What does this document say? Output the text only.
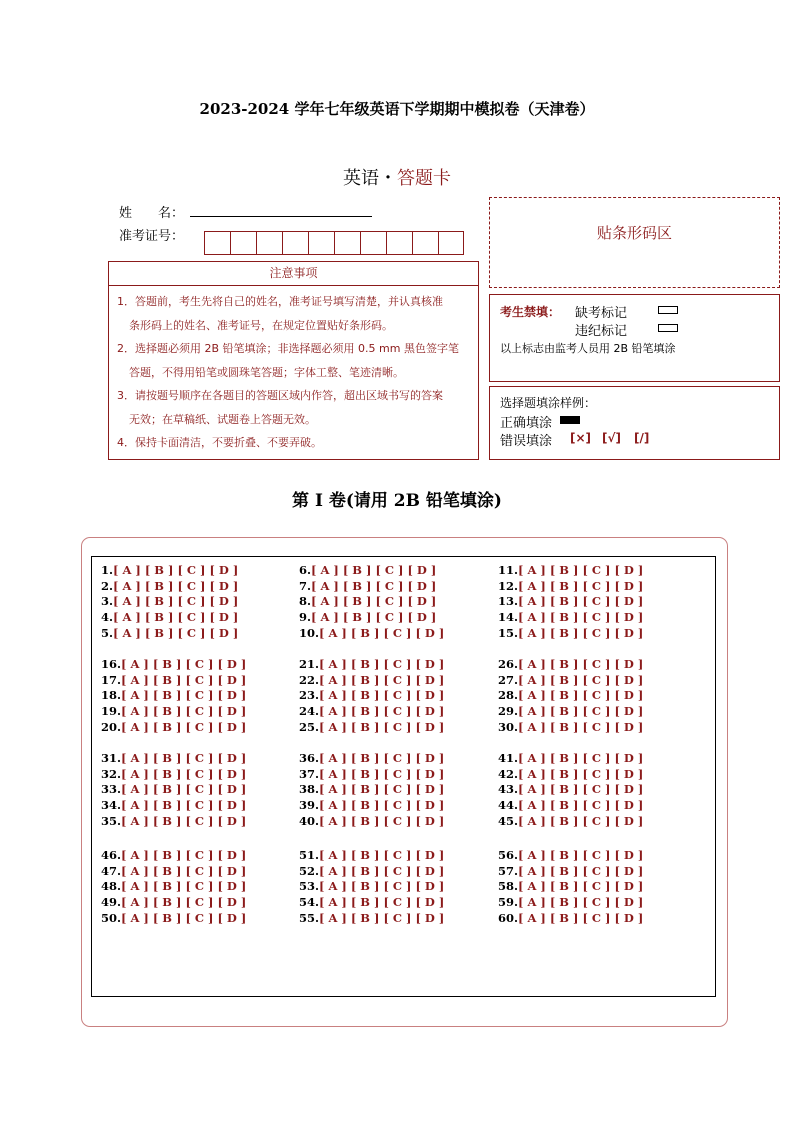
2023-2024 学年七年级英语下学期期中模拟卷（天津卷）
英语・答题卡
姓　　名：
准考证号：	贴条形码区
注意事项
1．答题前，考生先将自己的姓名，准考证号填写清楚，并认真核准
条形码上的姓名、准考证号，在规定位置贴好条形码。
2．选择题必须用 2B 铅笔填涂；非选择题必须用 0.5 mm 黑色签字笔
答题，不得用铅笔或圆珠笔答题；字体工整、笔迹清晰。
3．请按题号顺序在各题目的答题区域内作答，超出区域书写的答案
无效；在草稿纸、试题卷上答题无效。
4．保持卡面清洁，不要折叠、不要弄破。
考生禁填： 缺考标记
违纪标记
以上标志由监考人员用 2B 铅笔填涂
选择题填涂样例：
正确填涂
错误填涂 [×] [√] [/]
第 I 卷(请用 2B 铅笔填涂)
1.[ A ] [ B ] [ C ] [ D ]
2.[ A ] [ B ] [ C ] [ D ]
3.[ A ] [ B ] [ C ] [ D ]
4.[ A ] [ B ] [ C ] [ D ]
5.[ A ] [ B ] [ C ] [ D ]
6.[ A ] [ B ] [ C ] [ D ]
7.[ A ] [ B ] [ C ] [ D ]
8.[ A ] [ B ] [ C ] [ D ]
9.[ A ] [ B ] [ C ] [ D ]
10.[ A ] [ B ] [ C ] [ D ]
11.[ A ] [ B ] [ C ] [ D ]
12.[ A ] [ B ] [ C ] [ D ]
13.[ A ] [ B ] [ C ] [ D ]
14.[ A ] [ B ] [ C ] [ D ]
15.[ A ] [ B ] [ C ] [ D ]
16.[ A ] [ B ] [ C ] [ D ]
17.[ A ] [ B ] [ C ] [ D ]
18.[ A ] [ B ] [ C ] [ D ]
19.[ A ] [ B ] [ C ] [ D ]
20.[ A ] [ B ] [ C ] [ D ]
21.[ A ] [ B ] [ C ] [ D ]
22.[ A ] [ B ] [ C ] [ D ]
23.[ A ] [ B ] [ C ] [ D ]
24.[ A ] [ B ] [ C ] [ D ]
25.[ A ] [ B ] [ C ] [ D ]
26.[ A ] [ B ] [ C ] [ D ]
27.[ A ] [ B ] [ C ] [ D ]
28.[ A ] [ B ] [ C ] [ D ]
29.[ A ] [ B ] [ C ] [ D ]
30.[ A ] [ B ] [ C ] [ D ]
31.[ A ] [ B ] [ C ] [ D ]
32.[ A ] [ B ] [ C ] [ D ]
33.[ A ] [ B ] [ C ] [ D ]
34.[ A ] [ B ] [ C ] [ D ]
35.[ A ] [ B ] [ C ] [ D ]
36.[ A ] [ B ] [ C ] [ D ]
37.[ A ] [ B ] [ C ] [ D ]
38.[ A ] [ B ] [ C ] [ D ]
39.[ A ] [ B ] [ C ] [ D ]
40.[ A ] [ B ] [ C ] [ D ]
41.[ A ] [ B ] [ C ] [ D ]
42.[ A ] [ B ] [ C ] [ D ]
43.[ A ] [ B ] [ C ] [ D ]
44.[ A ] [ B ] [ C ] [ D ]
45.[ A ] [ B ] [ C ] [ D ]
46.[ A ] [ B ] [ C ] [ D ]
47.[ A ] [ B ] [ C ] [ D ]
48.[ A ] [ B ] [ C ] [ D ]
49.[ A ] [ B ] [ C ] [ D ]
50.[ A ] [ B ] [ C ] [ D ]
51.[ A ] [ B ] [ C ] [ D ]
52.[ A ] [ B ] [ C ] [ D ]
53.[ A ] [ B ] [ C ] [ D ]
54.[ A ] [ B ] [ C ] [ D ]
55.[ A ] [ B ] [ C ] [ D ]
56.[ A ] [ B ] [ C ] [ D ]
57.[ A ] [ B ] [ C ] [ D ]
58.[ A ] [ B ] [ C ] [ D ]
59.[ A ] [ B ] [ C ] [ D ]
60.[ A ] [ B ] [ C ] [ D ]
